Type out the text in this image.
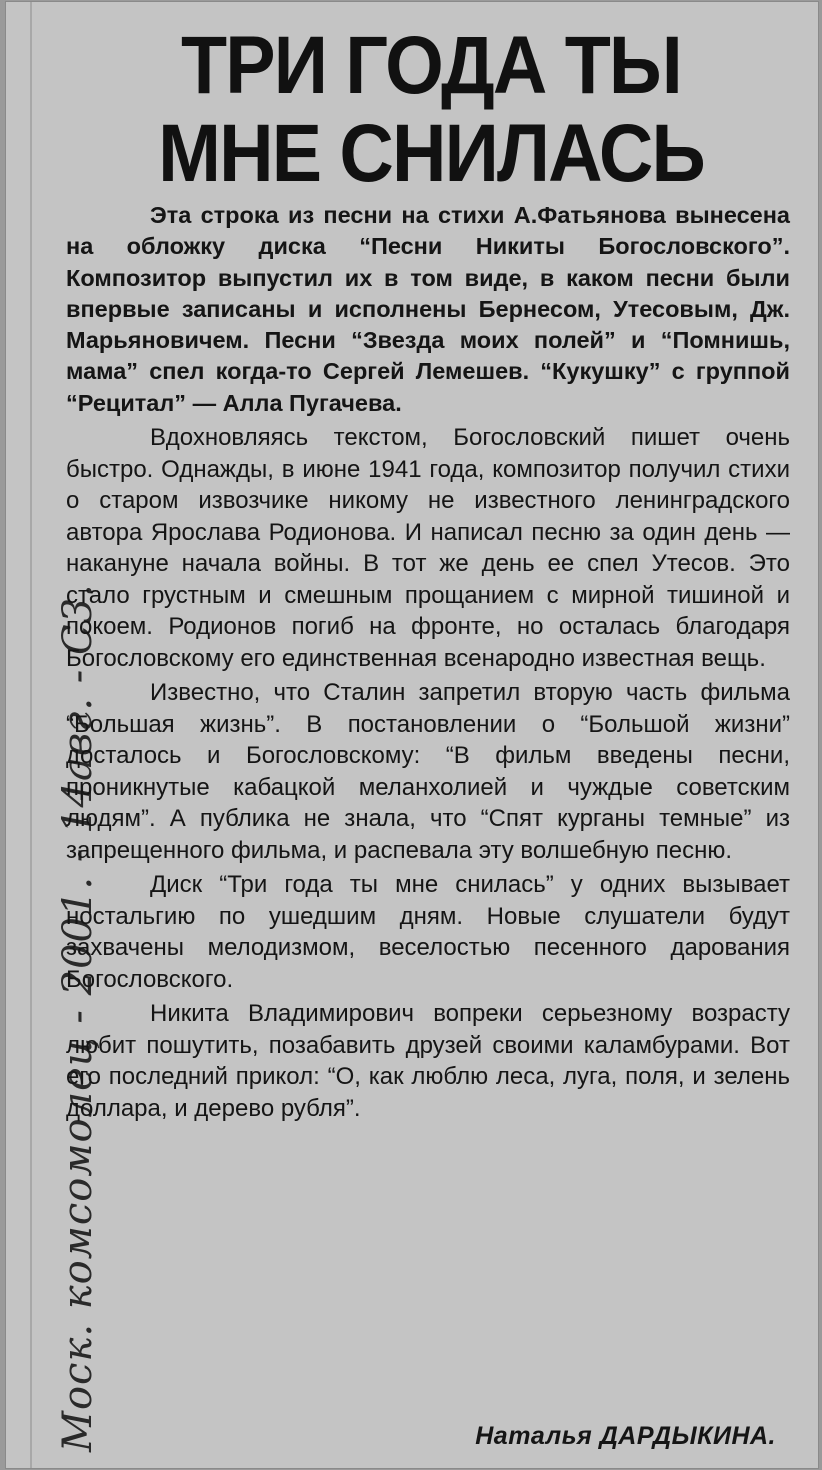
ТРИ ГОДА ТЫ
МНЕ СНИЛАСЬ
Моск. комсомолец - 2001. - 14авг. - С3.

Эта строка из песни на стихи А.Фатьянова вынесена на обложку диска “Песни Никиты Богословского”. Композитор выпустил их в том виде, в каком песни были впервые записаны и исполнены Бернесом, Утесовым, Дж. Марьяновичем. Песни “Звезда моих полей” и “Помнишь, мама” спел когда-то Сергей Лемешев. “Кукушку” с группой “Рецитал” — Алла Пугачева.

Вдохновляясь текстом, Богословский пишет очень быстро. Однажды, в июне 1941 года, композитор получил стихи о старом извозчике никому не известного ленинградского автора Ярослава Родионова. И написал песню за один день — накануне начала войны. В тот же день ее спел Утесов. Это стало грустным и смешным прощанием с мирной тишиной и покоем. Родионов погиб на фронте, но осталась благодаря Богословскому его единственная всенародно известная вещь.

Известно, что Сталин запретил вторую часть фильма “Большая жизнь”. В постановлении о “Большой жизни” досталось и Богословскому: “В фильм введены песни, проникнутые кабацкой меланхолией и чуждые советским людям”. А публика не знала, что “Спят курганы темные” из запрещенного фильма, и распевала эту волшебную песню.

Диск “Три года ты мне снилась” у одних вызывает ностальгию по ушедшим дням. Новые слушатели будут захвачены мелодизмом, веселостью песенного дарования Богословского.

Никита Владимирович вопреки серьезному возрасту любит пошутить, позабавить друзей своими каламбурами. Вот его последний прикол: “О, как люблю леса, луга, поля, и зелень доллара, и дерево рубля”.

Наталья ДАРДЫКИНА.
